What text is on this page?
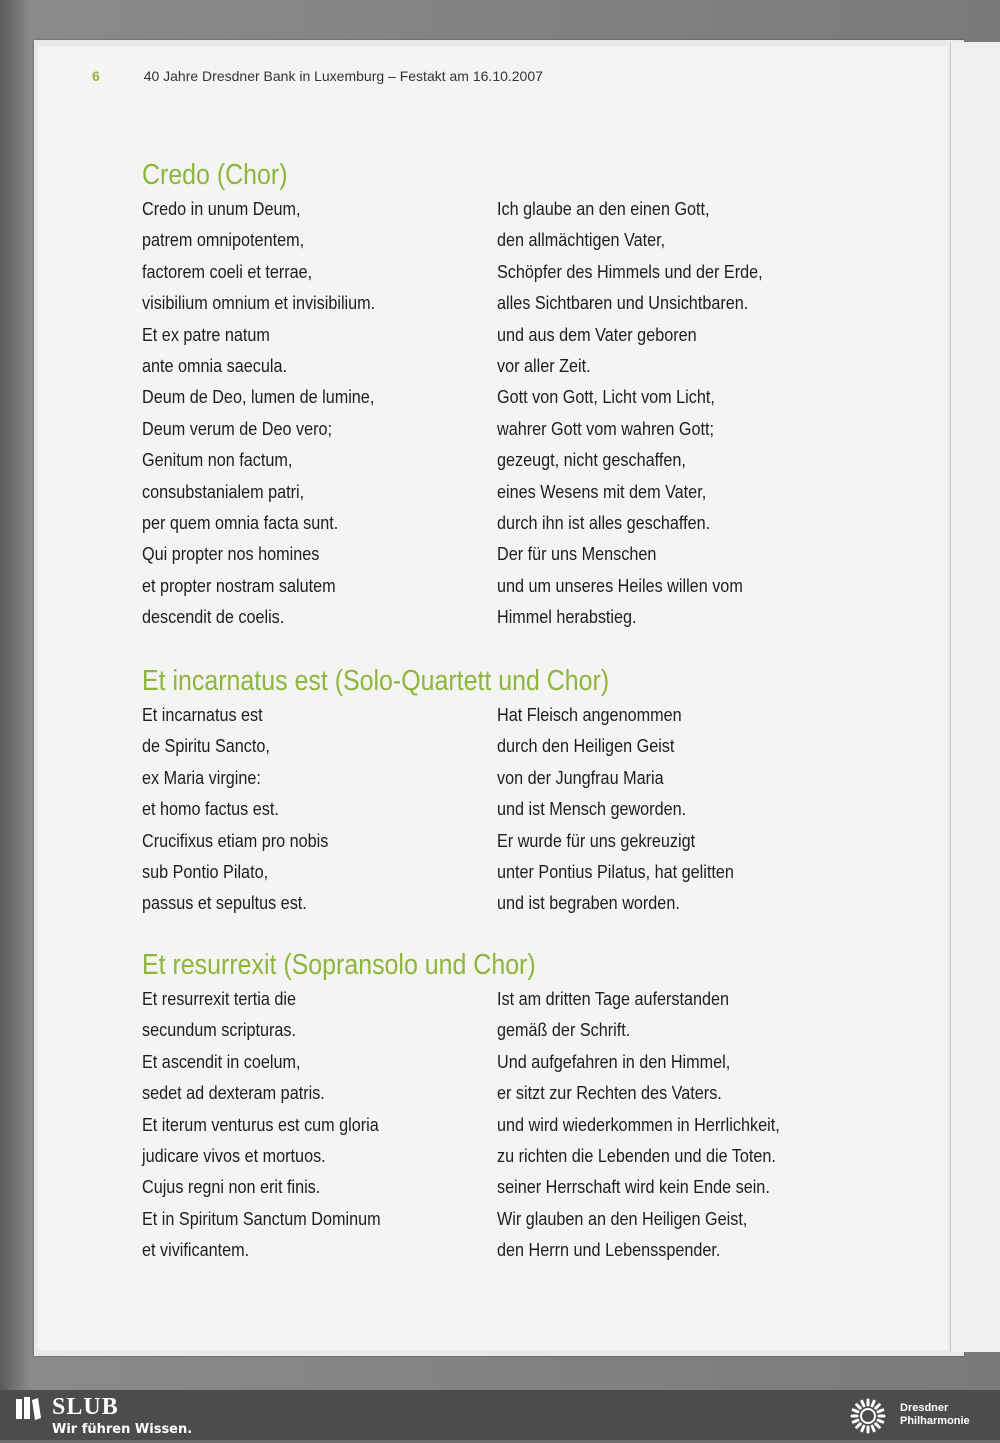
6	40 Jahre Dresdner Bank in Luxemburg – Festakt am 16.10.2007
Credo (Chor)
Credo in unum Deum,
patrem omnipotentem,
factorem coeli et terrae,
visibilium omnium et invisibilium.
Et ex patre natum
ante omnia saecula.
Deum de Deo, lumen de lumine,
Deum verum de Deo vero;
Genitum non factum,
consubstanialem patri,
per quem omnia facta sunt.
Qui propter nos homines
et propter nostram salutem
descendit de coelis.
Ich glaube an den einen Gott,
den allmächtigen Vater,
Schöpfer des Himmels und der Erde,
alles Sichtbaren und Unsichtbaren.
und aus dem Vater geboren
vor aller Zeit.
Gott von Gott, Licht vom Licht,
wahrer Gott vom wahren Gott;
gezeugt, nicht geschaffen,
eines Wesens mit dem Vater,
durch ihn ist alles geschaffen.
Der für uns Menschen
und um unseres Heiles willen vom
Himmel herabstieg.
Et incarnatus est (Solo-Quartett und Chor)
Et incarnatus est
de Spiritu Sancto,
ex Maria virgine:
et homo factus est.
Crucifixus etiam pro nobis
sub Pontio Pilato,
passus et sepultus est.
Hat Fleisch angenommen
durch den Heiligen Geist
von der Jungfrau Maria
und ist Mensch geworden.
Er wurde für uns gekreuzigt
unter Pontius Pilatus, hat gelitten
und ist begraben worden.
Et resurrexit (Sopransolo und Chor)
Et resurrexit tertia die
secundum scripturas.
Et ascendit in coelum,
sedet ad dexteram patris.
Et iterum venturus est cum gloria
judicare vivos et mortuos.
Cujus regni non erit finis.
Et in Spiritum Sanctum Dominum
et vivificantem.
Ist am dritten Tage auferstanden
gemäß der Schrift.
Und aufgefahren in den Himmel,
er sitzt zur Rechten des Vaters.
und wird wiederkommen in Herrlichkeit,
zu richten die Lebenden und die Toten.
seiner Herrschaft wird kein Ende sein.
Wir glauben an den Heiligen Geist,
den Herrn und Lebensspender.
SLUB
Wir führen Wissen.
Dresdner
Philharmonie
